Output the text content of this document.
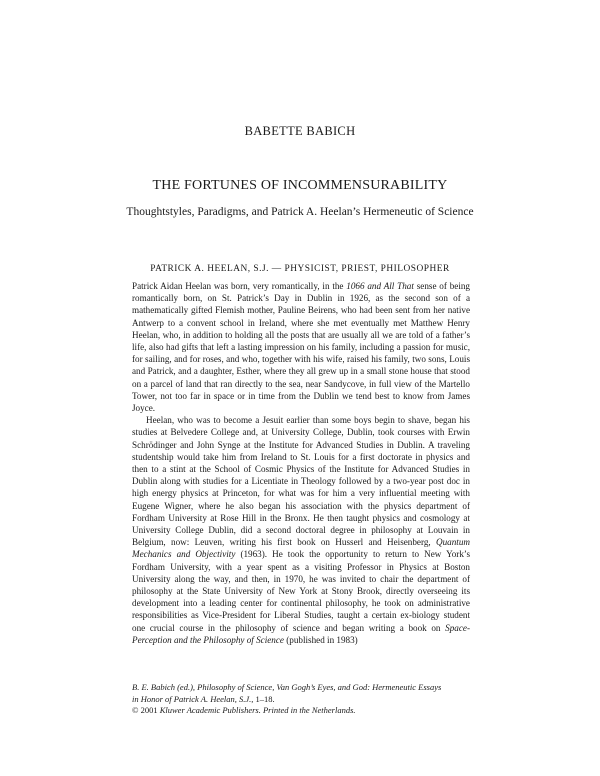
BABETTE BABICH
THE FORTUNES OF INCOMMENSURABILITY
Thoughtstyles, Paradigms, and Patrick A. Heelan’s Hermeneutic of Science
PATRICK A. HEELAN, S.J. — PHYSICIST, PRIEST, PHILOSOPHER

Patrick Aidan Heelan was born, very romantically, in the 1066 and All That sense of being romantically born, on St. Patrick’s Day in Dublin in 1926, as the second son of a mathematically gifted Flemish mother, Pauline Beirens, who had been sent from her native Antwerp to a convent school in Ireland, where she met eventually met Matthew Henry Heelan, who, in addition to holding all the posts that are usually all we are told of a father’s life, also had gifts that left a lasting impression on his family, including a passion for music, for sailing, and for roses, and who, together with his wife, raised his family, two sons, Louis and Patrick, and a daughter, Esther, where they all grew up in a small stone house that stood on a parcel of land that ran directly to the sea, near Sandycove, in full view of the Martello Tower, not too far in space or in time from the Dublin we tend best to know from James Joyce.

Heelan, who was to become a Jesuit earlier than some boys begin to shave, began his studies at Belvedere College and, at University College, Dublin, took courses with Erwin Schrödinger and John Synge at the Institute for Advanced Studies in Dublin. A traveling studentship would take him from Ireland to St. Louis for a first doctorate in physics and then to a stint at the School of Cosmic Physics of the Institute for Advanced Studies in Dublin along with studies for a Licentiate in Theology followed by a two-year post doc in high energy physics at Princeton, for what was for him a very influential meeting with Eugene Wigner, where he also began his association with the physics department of Fordham University at Rose Hill in the Bronx. He then taught physics and cosmology at University College Dublin, did a second doctoral degree in philosophy at Louvain in Belgium, now: Leuven, writing his first book on Husserl and Heisenberg, Quantum Mechanics and Objectivity (1963). He took the opportunity to return to New York’s Fordham University, with a year spent as a visiting Professor in Physics at Boston University along the way, and then, in 1970, he was invited to chair the department of philosophy at the State University of New York at Stony Brook, directly overseeing its development into a leading center for continental philosophy, he took on administrative responsibilities as Vice-President for Liberal Studies, taught a certain ex-biology student one crucial course in the philosophy of science and began writing a book on Space-Perception and the Philosophy of Science (published in 1983)

B. E. Babich (ed.), Philosophy of Science, Van Gogh’s Eyes, and God: Hermeneutic Essays
in Honor of Patrick A. Heelan, S.J., 1–18.
© 2001 Kluwer Academic Publishers. Printed in the Netherlands.
